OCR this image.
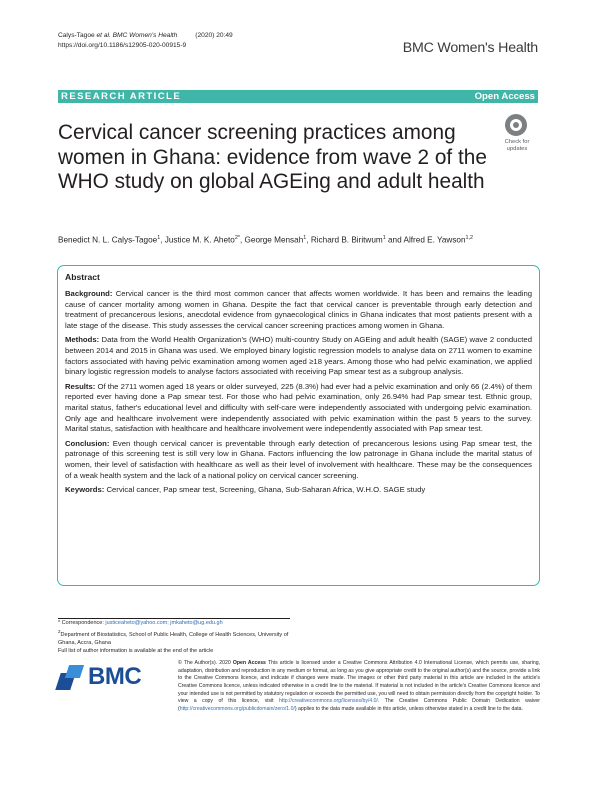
Calys-Tagoe et al. BMC Women's Health	(2020) 20:49
https://doi.org/10.1186/s12905-020-00915-9	BMC Women's Health
RESEARCH ARTICLE	Open Access
Cervical cancer screening practices among women in Ghana: evidence from wave 2 of the WHO study on global AGEing and adult health
Check for
updates
Benedict N. L. Calys-Tagoe$^1$, Justice M. K. Aheto$^{2*}$, George Mensah$^1$, Richard B. Biritwum$^1$ and Alfred E. Yawson$^{1,2}$
Abstract

Background: Cervical cancer is the third most common cancer that affects women worldwide. It has been and remains the leading cause of cancer mortality among women in Ghana. Despite the fact that cervical cancer is preventable through early detection and treatment of precancerous lesions, anecdotal evidence from gynaecological clinics in Ghana indicates that most patients present with a late stage of the disease. This study assesses the cervical cancer screening practices among women in Ghana.

Methods: Data from the World Health Organization's (WHO) multi-country Study on AGEing and adult health (SAGE) wave 2 conducted between 2014 and 2015 in Ghana was used. We employed binary logistic regression models to analyse data on 2711 women to examine factors associated with having pelvic examination among women aged ≥18 years. Among those who had pelvic examination, we applied binary logistic regression models to analyse factors associated with receiving Pap smear test as a subgroup analysis.

Results: Of the 2711 women aged 18 years or older surveyed, 225 (8.3%) had ever had a pelvic examination and only 66 (2.4%) of them reported ever having done a Pap smear test. For those who had pelvic examination, only 26.94% had Pap smear test. Ethnic group, marital status, father's educational level and difficulty with self-care were independently associated with undergoing pelvic examination. Only age and healthcare involvement were independently associated with pelvic examination within the past 5 years to the survey. Marital status, satisfaction with healthcare and healthcare involvement were independently associated with Pap smear test.

Conclusion: Even though cervical cancer is preventable through early detection of precancerous lesions using Pap smear test, the patronage of this screening test is still very low in Ghana. Factors influencing the low patronage in Ghana include the marital status of women, their level of satisfaction with healthcare as well as their level of involvement with healthcare. These may be the consequences of a weak health system and the lack of a national policy on cervical cancer screening.

Keywords: Cervical cancer, Pap smear test, Screening, Ghana, Sub-Saharan Africa, W.H.O. SAGE study

* Correspondence: justiceaheto@yahoo.com; jmkaheto@ug.edu.gh
$^2$Department of Biostatistics, School of Public Health, College of Health Sciences, University of Ghana, Accra, Ghana
Full list of author information is available at the end of the article
BMC	© The Author(s). 2020 Open Access This article is licensed under a Creative Commons Attribution 4.0 International License, which permits use, sharing, adaptation, distribution and reproduction in any medium or format, as long as you give appropriate credit to the original author(s) and the source, provide a link to the Creative Commons licence, and indicate if changes were made. The images or other third party material in this article are included in the article's Creative Commons licence, unless indicated otherwise in a credit line to the material. If material is not included in the article's Creative Commons licence and your intended use is not permitted by statutory regulation or exceeds the permitted use, you will need to obtain permission directly from the copyright holder. To view a copy of this licence, visit http://creativecommons.org/licenses/by/4.0/. The Creative Commons Public Domain Dedication waiver (http://creativecommons.org/publicdomain/zero/1.0/) applies to the data made available in this article, unless otherwise stated in a credit line to the data.
